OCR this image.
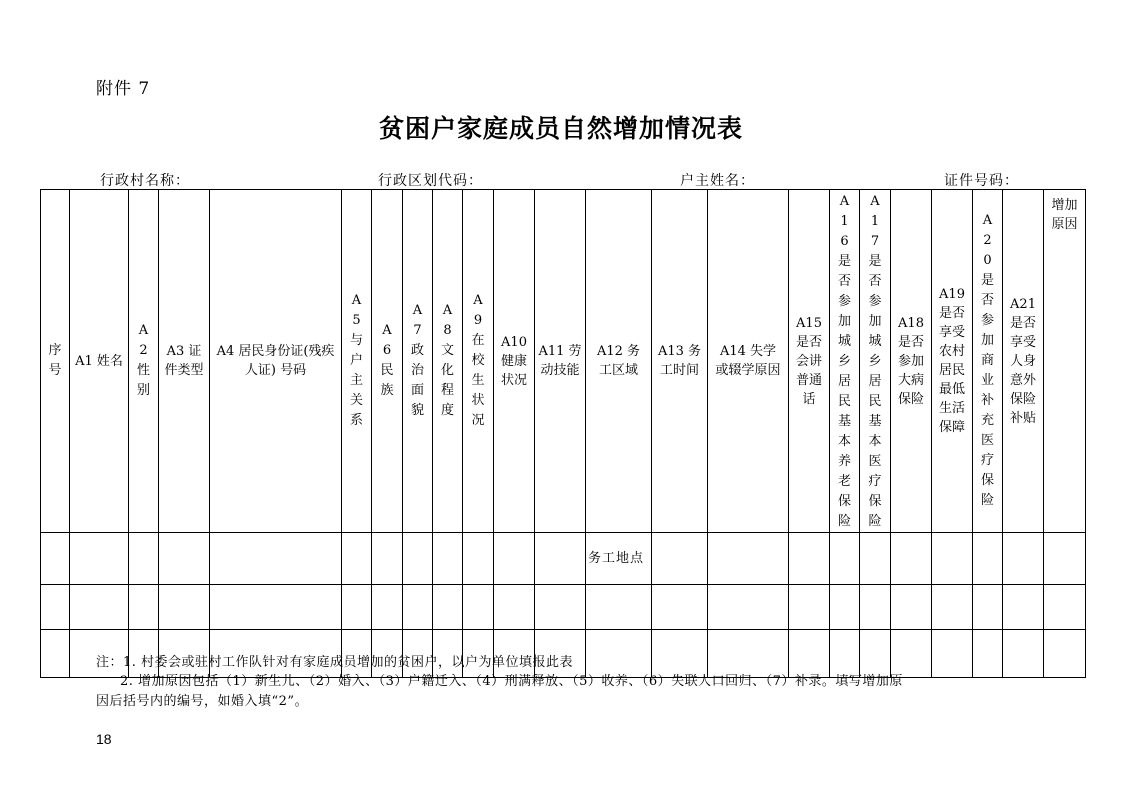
附件 7
贫困户家庭成员自然增加情况表
行政村名称：	行政区划代码：	户主姓名：	证件号码：
序号	A1 姓名	A2性别	A3 证件类型	A4 居民身份证(残疾人证) 号码	A5与户主关系	A6民族	A7政治面貌	A8文化程度	A9在校生状况	A10健康状况	A11 劳动技能	A12 务工区域	A13 务工时间	A14 失学或辍学原因	A15是否会讲普通话	A16是否参加城乡居民基本养老保险	A17是否参加城乡居民基本医疗保险	A18是否参加大病保险	A19是否享受农村居民最低生活保障	A20是否参加商业补充医疗保险	A21是否享受人身意外保险补贴	增加原因

												务工地点										

注：1. 村委会或驻村工作队针对有家庭成员增加的贫困户，以户为单位填报此表
2. 增加原因包括（1）新生儿、（2）婚入、（3）户籍迁入、（4）刑满释放、（5）收养、（6）失联人口回归、（7）补录。填写增加原
因后括号内的编号，如婚入填“2”。
18
